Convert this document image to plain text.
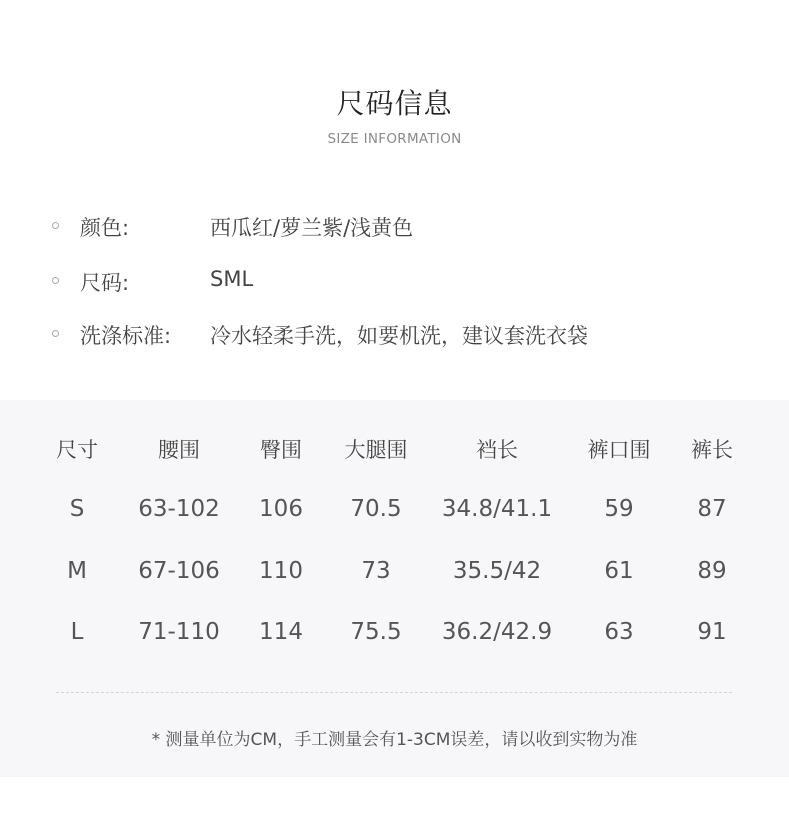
尺码信息
SIZE INFORMATION
颜色:	西瓜红/萝兰紫/浅黄色
尺码:	SML
洗涤标准: 冷水轻柔手洗，如要机洗，建议套洗衣袋
尺寸	腰围	臀围 大腿围	裆长	裤口围 裤长
S 63-102 106 70.5 34.8/41.1 59	87
M 67-106 110	73	35.5/42	61	89
L 71-110 114 75.5 36.2/42.9 63	91
* 测量单位为CM，手工测量会有1-3CM误差，请以收到实物为准
